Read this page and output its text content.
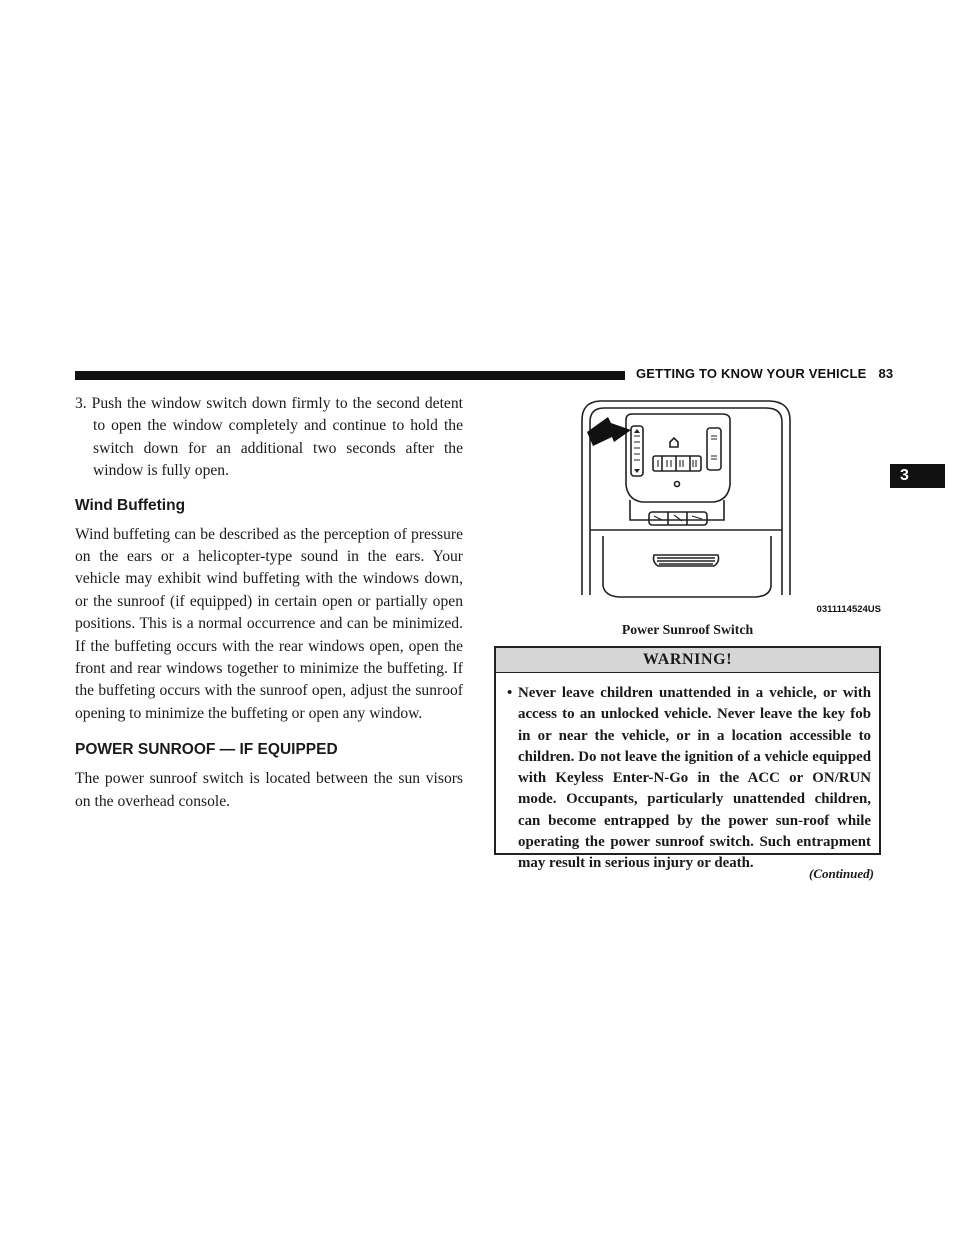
GETTING TO KNOW YOUR VEHICLE 83
3

3. Push the window switch down firmly to the second detent to open the window completely and continue to hold the switch down for an additional two seconds after the window is fully open.

Wind Buffeting

Wind buffeting can be described as the perception of pressure on the ears or a helicopter-type sound in the ears. Your vehicle may exhibit wind buffeting with the windows down, or the sunroof (if equipped) in certain open or partially open positions. This is a normal occurrence and can be minimized. If the buffeting occurs with the rear windows open, open the front and rear windows together to minimize the buffeting. If the buffeting occurs with the sunroof open, adjust the sunroof opening to minimize the buffeting or open any window.

POWER SUNROOF — IF EQUIPPED

The power sunroof switch is located between the sun visors on the overhead console.

0311114524US
Power Sunroof Switch
WARNING!
• Never leave children unattended in a vehicle, or with access to an unlocked vehicle. Never leave the key fob in or near the vehicle, or in a location accessible to children. Do not leave the ignition of a vehicle equipped with Keyless Enter-N-Go in the ACC or ON/RUN mode. Occupants, particularly unattended children, can become entrapped by the power sun-roof while operating the power sunroof switch. Such entrapment may result in serious injury or death.
(Continued)
